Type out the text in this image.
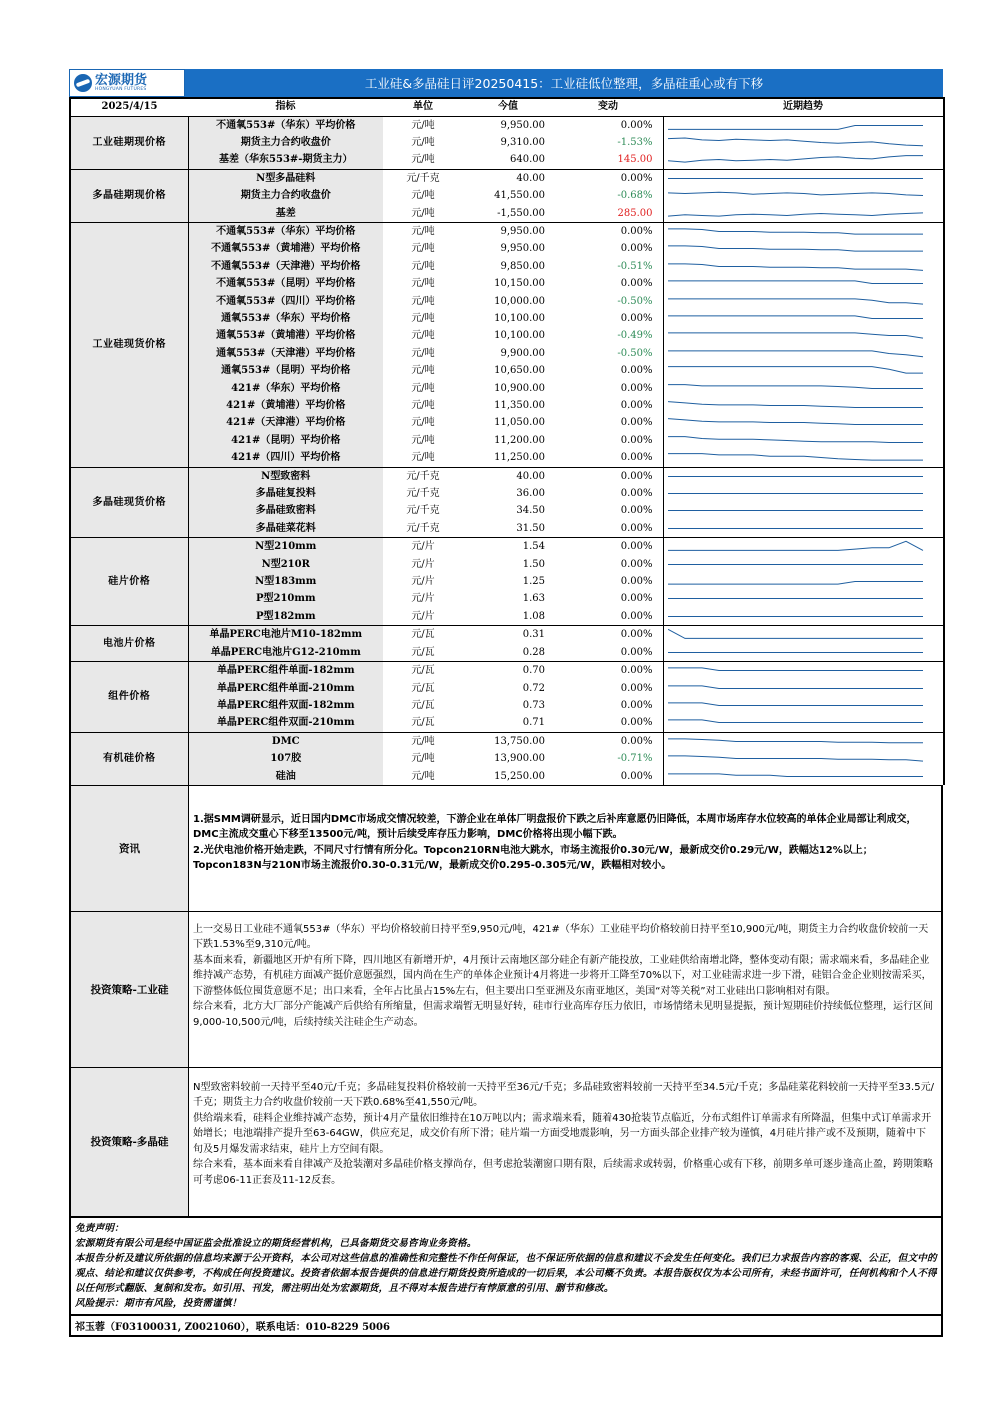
宏源期货
HONGYUAN FUTURES	工业硅&多晶硅日评20250415：工业硅低位整理，多晶硅重心或有下移
2025/4/15	指标	单位	今值	变动	近期趋势
工业硅期现价格	不通氧553#（华东）平均价格	元/吨	9,950.00	0.00%	

	期货主力合约收盘价	元/吨	9,310.00	-1.53%	

	基差（华东553#-期货主力）	元/吨	640.00	145.00	

多晶硅期现价格	N型多晶硅料	元/千克	40.00	0.00%	

	期货主力合约收盘价	元/吨	41,550.00	-0.68%	

	基差	元/吨	-1,550.00	285.00	

工业硅现货价格	不通氧553#（华东）平均价格	元/吨	9,950.00	0.00%	

	不通氧553#（黄埔港）平均价格	元/吨	9,950.00	0.00%	

	不通氧553#（天津港）平均价格	元/吨	9,850.00	-0.51%	

	不通氧553#（昆明）平均价格	元/吨	10,150.00	0.00%	

	不通氧553#（四川）平均价格	元/吨	10,000.00	-0.50%	

	通氧553#（华东）平均价格	元/吨	10,100.00	0.00%	

	通氧553#（黄埔港）平均价格	元/吨	10,100.00	-0.49%	

	通氧553#（天津港）平均价格	元/吨	9,900.00	-0.50%	

	通氧553#（昆明）平均价格	元/吨	10,650.00	0.00%	

	421#（华东）平均价格	元/吨	10,900.00	0.00%	

	421#（黄埔港）平均价格	元/吨	11,350.00	0.00%	

	421#（天津港）平均价格	元/吨	11,050.00	0.00%	

	421#（昆明）平均价格	元/吨	11,200.00	0.00%	

	421#（四川）平均价格	元/吨	11,250.00	0.00%	

多晶硅现货价格	N型致密料	元/千克	40.00	0.00%	

	多晶硅复投料	元/千克	36.00	0.00%	

	多晶硅致密料	元/千克	34.50	0.00%	

	多晶硅菜花料	元/千克	31.50	0.00%	

硅片价格	N型210mm	元/片	1.54	0.00%	

	N型210R	元/片	1.50	0.00%	

	N型183mm	元/片	1.25	0.00%	

	P型210mm	元/片	1.63	0.00%	

	P型182mm	元/片	1.08	0.00%	

电池片价格	单晶PERC电池片M10-182mm	元/瓦	0.31	0.00%	

	单晶PERC电池片G12-210mm	元/瓦	0.28	0.00%	

组件价格	单晶PERC组件单面-182mm	元/瓦	0.70	0.00%	

	单晶PERC组件单面-210mm	元/瓦	0.72	0.00%	

	单晶PERC组件双面-182mm	元/瓦	0.73	0.00%	

	单晶PERC组件双面-210mm	元/瓦	0.71	0.00%	

有机硅价格	DMC	元/吨	13,750.00	0.00%	

	107胶	元/吨	13,900.00	-0.71%	

	硅油	元/吨	15,250.00	0.00%	
资讯

1.据SMM调研显示，近日国内DMC市场成交情况较差，下游企业在单体厂明盘报价下跌之后补库意愿仍旧降低，本周市场库存水位较高的单体企业局部让利成交，DMC主流成交重心下移至13500元/吨，预计后续受库存压力影响，DMC价格将出现小幅下跌。

2.光伏电池价格开始走跌，不同尺寸行情有所分化。Topcon210RN电池大跳水，市场主流报价0.30元/W，最新成交价0.29元/W，跌幅达12%以上；Topcon183N与210N市场主流报价0.30-0.31元/W，最新成交价0.295-0.305元/W，跌幅相对较小。

投资策略-工业硅

上一交易日工业硅不通氧553#（华东）平均价格较前日持平至9,950元/吨，421#（华东）工业硅平均价格较前日持平至10,900元/吨，期货主力合约收盘价较前一天下跌1.53%至9,310元/吨。

基本面来看，新疆地区开炉有所下降，四川地区有新增开炉，4月预计云南地区部分硅企有新产能投放，工业硅供给南增北降，整体变动有限；需求端来看，多晶硅企业维持减产态势，有机硅方面减产挺价意愿强烈，国内尚在生产的单体企业预计4月将进一步将开工降至70%以下，对工业硅需求进一步下滑，硅铝合金企业则按需采买，下游整体低位囤货意愿不足；出口来看，全年占比虽占15%左右，但主要出口至亚洲及东南亚地区，美国“对等关税”对工业硅出口影响相对有限。

综合来看，北方大厂部分产能减产后供给有所缩量，但需求端暂无明显好转，硅市行业高库存压力依旧，市场情绪未见明显提振，预计短期硅价持续低位整理，运行区间9,000-10,500元/吨，后续持续关注硅企生产动态。

投资策略-多晶硅

N型致密料较前一天持平至40元/千克；多晶硅复投料价格较前一天持平至36元/千克；多晶硅致密料较前一天持平至34.5元/千克；多晶硅菜花料较前一天持平至33.5元/千克；期货主力合约收盘价较前一天下跌0.68%至41,550元/吨。

供给端来看，硅料企业维持减产态势，预计4月产量依旧维持在10万吨以内；需求端来看，随着430抢装节点临近，分布式组件订单需求有所降温，但集中式订单需求开始增长；电池端排产提升至63-64GW，供应充足，成交价有所下滑；硅片端一方面受地震影响，另一方面头部企业排产较为谨慎，4月硅片排产或不及预期，随着中下旬及5月爆发需求结束，硅片上方空间有限。

综合来看，基本面来看自律减产及抢装潮对多晶硅价格支撑尚存，但考虑抢装潮窗口期有限，后续需求或转弱，价格重心或有下移，前期多单可逐步逢高止盈，跨期策略可考虑06-11正套及11-12反套。

免责声明：
宏源期货有限公司是经中国证监会批准设立的期货经营机构，已具备期货交易咨询业务资格。
本报告分析及建议所依据的信息均来源于公开资料，本公司对这些信息的准确性和完整性不作任何保证，也不保证所依据的信息和建议不会发生任何变化。我们已力求报告内容的客观、公正，但文中的观点、结论和建议仅供参考，不构成任何投资建议。投资者依据本报告提供的信息进行期货投资所造成的一切后果，本公司概不负责。本报告版权仅为本公司所有，未经书面许可，任何机构和个人不得以任何形式翻版、复制和发布。如引用、刊发，需注明出处为宏源期货，且不得对本报告进行有悖原意的引用、删节和修改。
风险提示：期市有风险，投资需谨慎！
祁玉蓉（F03100031, Z0021060），联系电话：010-8229 5006
